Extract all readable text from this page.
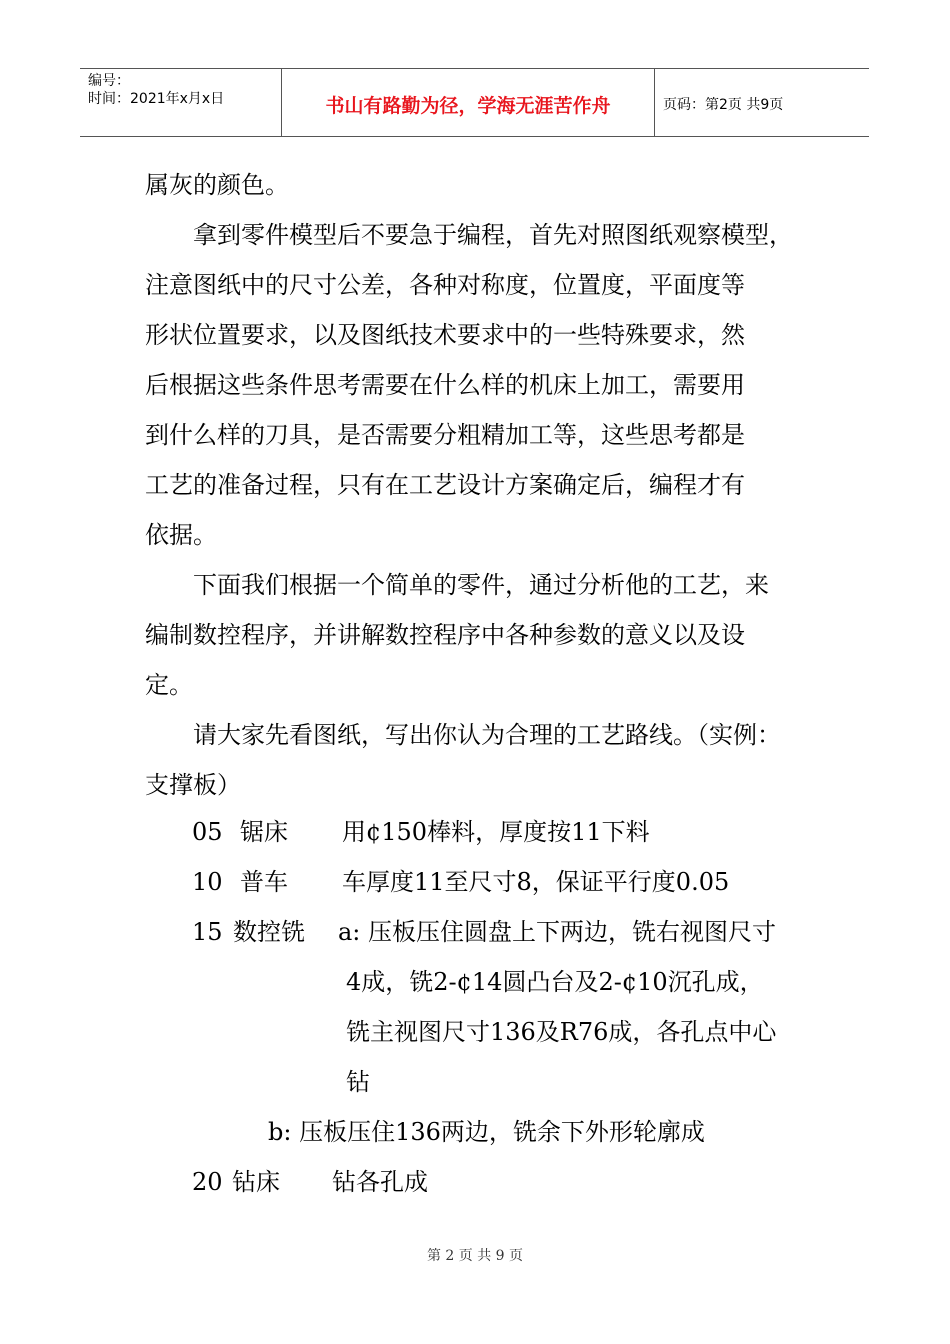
编号：
时间：2021年x月x日	书山有路勤为径，学海无涯苦作舟	页码：第2页 共9页
属灰的颜色。
拿到零件模型后不要急于编程，首先对照图纸观察模型，
注意图纸中的尺寸公差，各种对称度，位置度，平面度等
形状位置要求，以及图纸技术要求中的一些特殊要求，然
后根据这些条件思考需要在什么样的机床上加工，需要用
到什么样的刀具，是否需要分粗精加工等，这些思考都是
工艺的准备过程，只有在工艺设计方案确定后，编程才有
依据。
下面我们根据一个简单的零件，通过分析他的工艺，来
编制数控程序，并讲解数控程序中各种参数的意义以及设
定。
请大家先看图纸，写出你认为合理的工艺路线。（实例：
支撑板）
05 锯床 用¢150棒料，厚度按11下料
10 普车 车厚度11至尺寸8，保证平行度0.05
15 数控铣 a: 压板压住圆盘上下两边，铣右视图尺寸
4成，铣2-¢14圆凸台及2-¢10沉孔成，
铣主视图尺寸136及R76成，各孔点中心
钻
b: 压板压住136两边，铣余下外形轮廓成
20 钻床 钻各孔成
第 2 页 共 9 页
